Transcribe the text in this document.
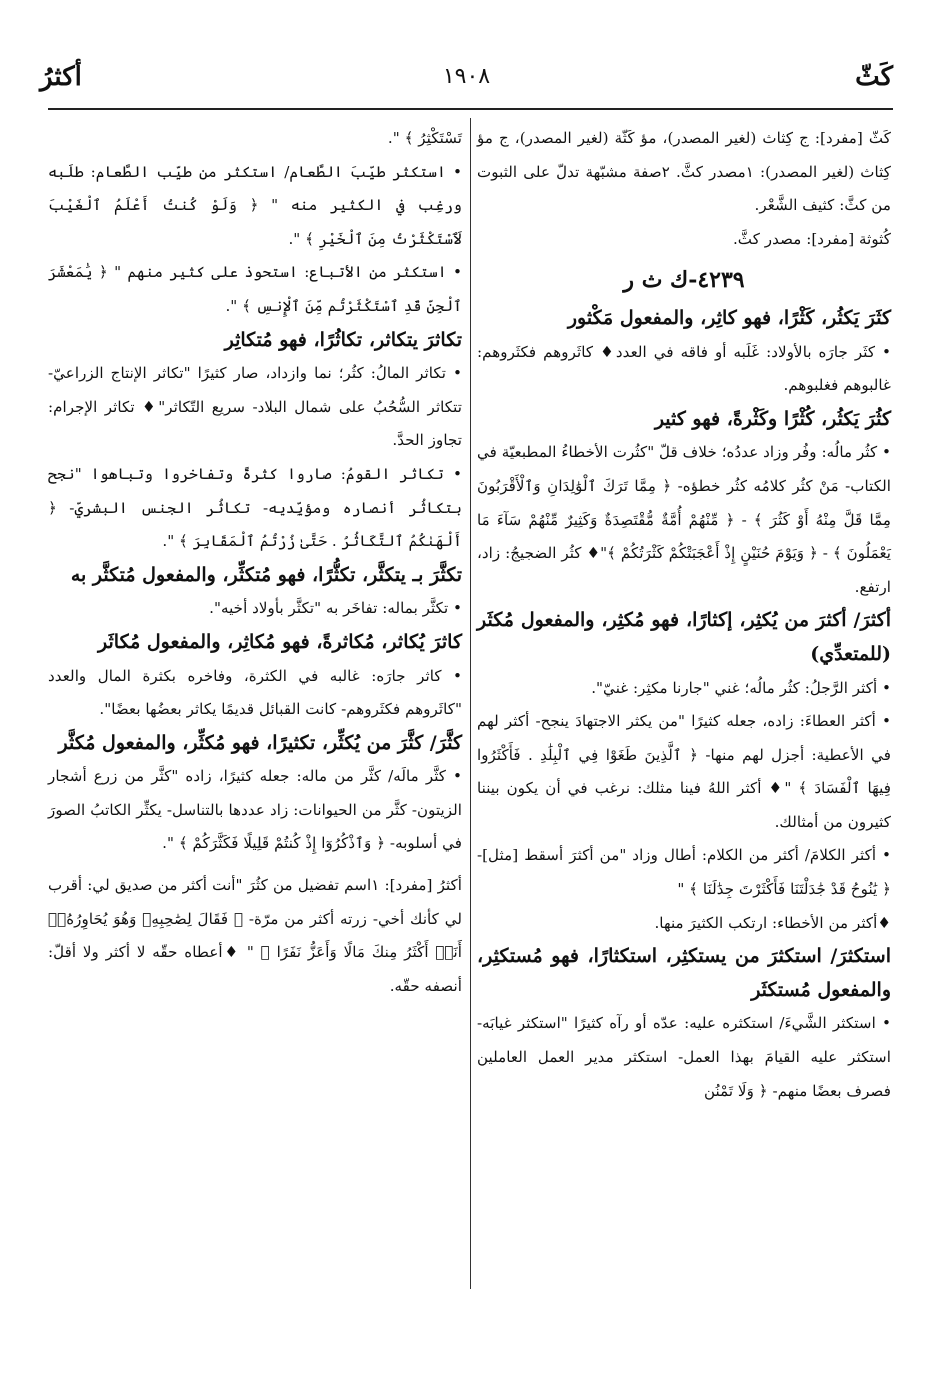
كَثّ
١٩٠٨
أكثرُ

كَثّ [مفرد]: ج كِثاث (لغير المصدر)، مؤ كَثّة (لغير المصدر)، ج مؤ كِثاث (لغير المصدر): ١مصدر كثَّ. ٢صفة مشبّهة تدلّ على الثبوت من كثَّ: كثيف الشَّعْر.

كُثوثة [مفرد]: مصدر كثَّ.

٤٢٣٩-ك ث ر

كثَرَ يَكثُر، كَثْرًا، فهو كاثِر، والمفعول مَكْثور

• كثَر جارَه بالأولاد: غَلَبه أو فاقه في العدد♦ كاثَروهم فكثَروهم: غالبوهم فغلبوهم.

كثُرَ يَكثُر، كُثْرًا وكَثْرةً، فهو كثير

• كثُر مالُه: وفُر وزاد عددُه؛ خلاف قلّ "كثُرت الأخطاءُ المطبعيّة في الكتاب- مَنْ كثُر كلامُه كثُر خطؤه- ﴿ مِمَّا تَرَكَ ٱلْوَٰلِدَانِ وَٱلْأَقْرَبُونَ مِمَّا قَلَّ مِنْهُ أَوْ كَثُرَ ﴾ - ﴿ مِّنْهُمْ أُمَّةٌ مُّقْتَصِدَةٌ وَكَثِيرٌ مِّنْهُمْ سَآءَ مَا يَعْمَلُونَ ﴾ - ﴿ وَيَوْمَ حُنَيْنٍ إِذْ أَعْجَبَتْكُمْ كَثْرَتُكُمْ ﴾"♦ كثُر الضجيجُ: زاد، ارتفع.

أكثرَ/ أكثرَ من يُكثِر، إكثارًا، فهو مُكثِر، والمفعول مُكثَر (للمتعدِّي)

• أكثر الرَّجلُ: كثُر مالُه؛ غني "جارنا مكثِر: غنيّ".

• أكثر العطاءَ: زاده، جعله كثيرًا "من يكثر الاجتهادَ ينجح- أكثر لهم في الأعطية: أجزل لهم منها- ﴿ ٱلَّذِينَ طَغَوْا فِي ٱلْبِلَٰدِ . فَأَكْثَرُوا فِيهَا ٱلْفَسَادَ ﴾ "♦ أكثر اللهُ فينا مثلك: نرغب في أن يكون بيننا كثيرون من أمثالك.

• أكثر الكلامَ/ أكثر من الكلام: أطال وزاد "من أكثرَ أسقط [مثل]- ﴿ يَٰنُوحُ قَدْ جَٰدَلْتَنَا فَأَكْثَرْتَ جِدَٰلَنَا ﴾ "

♦أكثر من الأخطاء: ارتكب الكثيرَ منها.

استكثرَ/ استكثرَ من يستكثِر، استكثارًا، فهو مُستكثِر، والمفعول مُستكثَر

• استكثر الشَّيءَ/ استكثره عليه: عدّه أو رآه كثيرًا "استكثر غيابَه- استكثر عليه القيامَ بهذا العمل- استكثر مدير العمل العاملين فصرف بعضًا منهم- ﴿ وَلَا تَمْنُن

تَسْتَكْثِرُ ﴾ ".

• استكثر طيِّبَ الطَّعام/ استكثر من طيِّب الطَّعام: طلَبه ورغِب في الكثير منه " ﴿ وَلَوْ كُنتُ أَعْلَمُ ٱلْغَيْبَ لَٱسْتَكْثَرْتُ مِنَ ٱلْخَيْرِ ﴾ ".

• استكثر من الأتباع: استحوذ على كثير منهم " ﴿ يَٰمَعْشَرَ ٱلْجِنِّ قَدِ ٱسْتَكْثَرْتُم مِّنَ ٱلْإِنسِ ﴾ ".

تكاثرَ يتكاثر، تكاثُرًا، فهو مُتكاثِر

• تكاثر المالُ: كثُر؛ نما وازداد، صار كثيرًا "تكاثر الإنتاج الزراعيّ- تتكاثر السُّحُبُ على شمال البلاد- سريع التّكاثر"♦ تكاثر الإجرام: تجاوز الحدَّ.

• تكاثر القومُ: صاروا كثرةً وتفاخروا وتباهوا "نجح بتكاثُر أنصاره ومؤيِّديه- تكاثُر الجنس البشريّ- ﴿ أَلْهَىٰكُمُ ٱلتَّكَاثُرُ . حَتَّىٰ زُرْتُمُ ٱلْمَقَابِرَ ﴾ ".

تكثَّرَ بـ يتكثَّر، تكثُّرًا، فهو مُتكثِّر، والمفعول مُتكثَّر به

• تكثَّر بماله: تفاخَر به "تكثَّر بأولاد أخيه".

كاثرَ يُكاثر، مُكاثرةً، فهو مُكاثِر، والمفعول مُكاثَر

• كاثر جارَه: غالبه في الكثرة، وفاخره بكثرة المال والعدد "كاثَروهم فكثَروهم- كانت القبائل قديمًا يكاثر بعضُها بعضًا".

كثَّرَ/ كثَّرَ من يُكثِّر، تكثيرًا، فهو مُكثِّر، والمفعول مُكثَّر

• كثَّر مالَه/ كثَّر من ماله: جعله كثيرًا، زاده "كثَّر من زرع أشجار الزيتون- كثَّر من الحيوانات: زاد عددها بالتناسل- يكثِّر الكاتبُ الصورَ في أسلوبه- ﴿ وَٱذْكُرُوٓا إِذْ كُنتُمْ قَلِيلًا فَكَثَّرَكُمْ ﴾ ".

أكثرُ [مفرد]: ١اسم تفضيل من كثُرَ "أنت أكثر من صديق لي: أقرب لي كأنك أخي- زرته أكثر من مرّة- ﴿ فَقَالَ لِصَٰحِبِهِۦ وَهُوَ يُحَاوِرُهُۥٓ أَنَا۠ أَكْثَرُ مِنكَ مَالًا وَأَعَزُّ نَفَرًا ﴾ " ♦أعطاه حقّه لا أكثر ولا أقلّ: أنصفه حقّه.
